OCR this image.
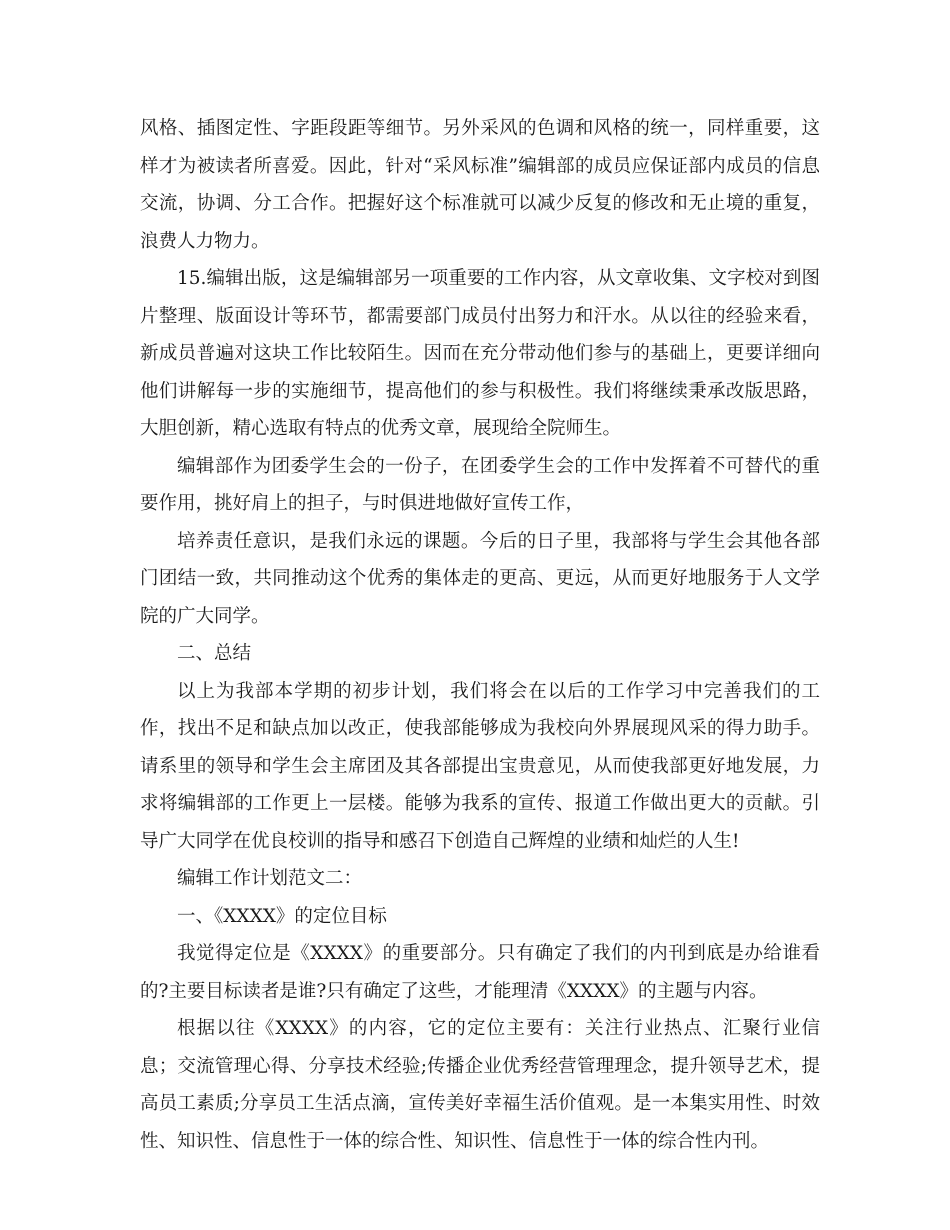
风格、插图定性、字距段距等细节。另外采风的色调和风格的统一，同样重要，这样才为被读者所喜爱。因此，针对“采风标准”编辑部的成员应保证部内成员的信息交流，协调、分工合作。把握好这个标准就可以减少反复的修改和无止境的重复，浪费人力物力。

15.编辑出版，这是编辑部另一项重要的工作内容，从文章收集、文字校对到图片整理、版面设计等环节，都需要部门成员付出努力和汗水。从以往的经验来看，新成员普遍对这块工作比较陌生。因而在充分带动他们参与的基础上，更要详细向他们讲解每一步的实施细节，提高他们的参与积极性。我们将继续秉承改版思路，大胆创新，精心选取有特点的优秀文章，展现给全院师生。

编辑部作为团委学生会的一份子，在团委学生会的工作中发挥着不可替代的重要作用，挑好肩上的担子，与时俱进地做好宣传工作，

培养责任意识，是我们永远的课题。今后的日子里，我部将与学生会其他各部门团结一致，共同推动这个优秀的集体走的更高、更远，从而更好地服务于人文学院的广大同学。

二、总结

以上为我部本学期的初步计划，我们将会在以后的工作学习中完善我们的工作，找出不足和缺点加以改正，使我部能够成为我校向外界展现风采的得力助手。请系里的领导和学生会主席团及其各部提出宝贵意见，从而使我部更好地发展，力求将编辑部的工作更上一层楼。能够为我系的宣传、报道工作做出更大的贡献。引导广大同学在优良校训的指导和感召下创造自己辉煌的业绩和灿烂的人生!

编辑工作计划范文二：

一、《XXXX》的定位目标

我觉得定位是《XXXX》的重要部分。只有确定了我们的内刊到底是办给谁看的?主要目标读者是谁?只有确定了这些，才能理清《XXXX》的主题与内容。

根据以往《XXXX》的内容，它的定位主要有：关注行业热点、汇聚行业信息；交流管理心得、分享技术经验;传播企业优秀经营管理理念，提升领导艺术，提高员工素质;分享员工生活点滴，宣传美好幸福生活价值观。是一本集实用性、时效性、知识性、信息性于一体的综合性、知识性、信息性于一体的综合性内刊。
